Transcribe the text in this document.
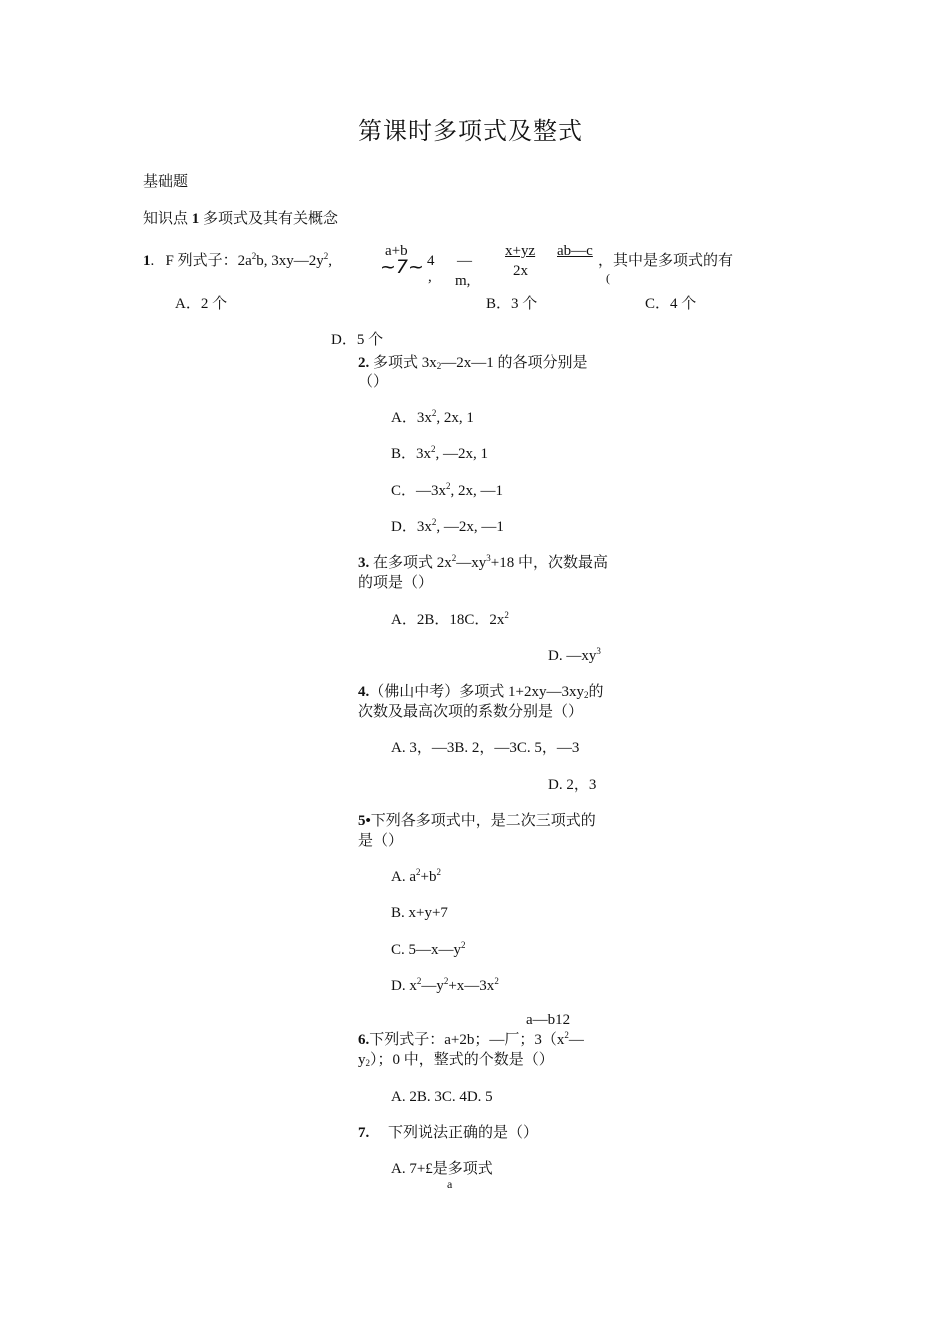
第课时多项式及整式
基础题
知识点 1 多项式及其有关概念
1.   F 列式子：$2a^2b$, $3xy—2y^2$,
a+b
~7~ 4
,
—
m,
x+yz
2x
ab—c
，其中是多项式的有
(
A．2 个	B．3 个	C．4 个
D．5 个
2. 多项式 $3x_2—2x—1$ 的各项分别是
（）
A．$3x^2$, 2x, 1
B．$3x^2$, —2x, 1
C．$—3x^2$, 2x, —1
D．$3x^2$, —2x, —1
3. 在多项式 $2x^2—xy^3+18$ 中，次数最高
的项是（）
A．2B．18C．$2x^2$
D. $—xy^3$
4.（佛山中考）多项式 $1+2xy—3xy_2$的
次数及最高次项的系数分别是（）
A. 3，—3B. 2，—3C. 5，—3
D. 2，3
5•下列各多项式中，是二次三项式的
是（）
A. $a^2+b^2$
B. x+y+7
C. $5—x—y^2$
D. $x^2—y^2+x—3x^2$
a—b12
6.下列式子：a+2b；—厂；$3(x^2—$
$y_2$）；0 中，整式的个数是（）
A. 2B. 3C. 4D. 5
7. 下列说法正确的是（）
A. 7+£是多项式
a
